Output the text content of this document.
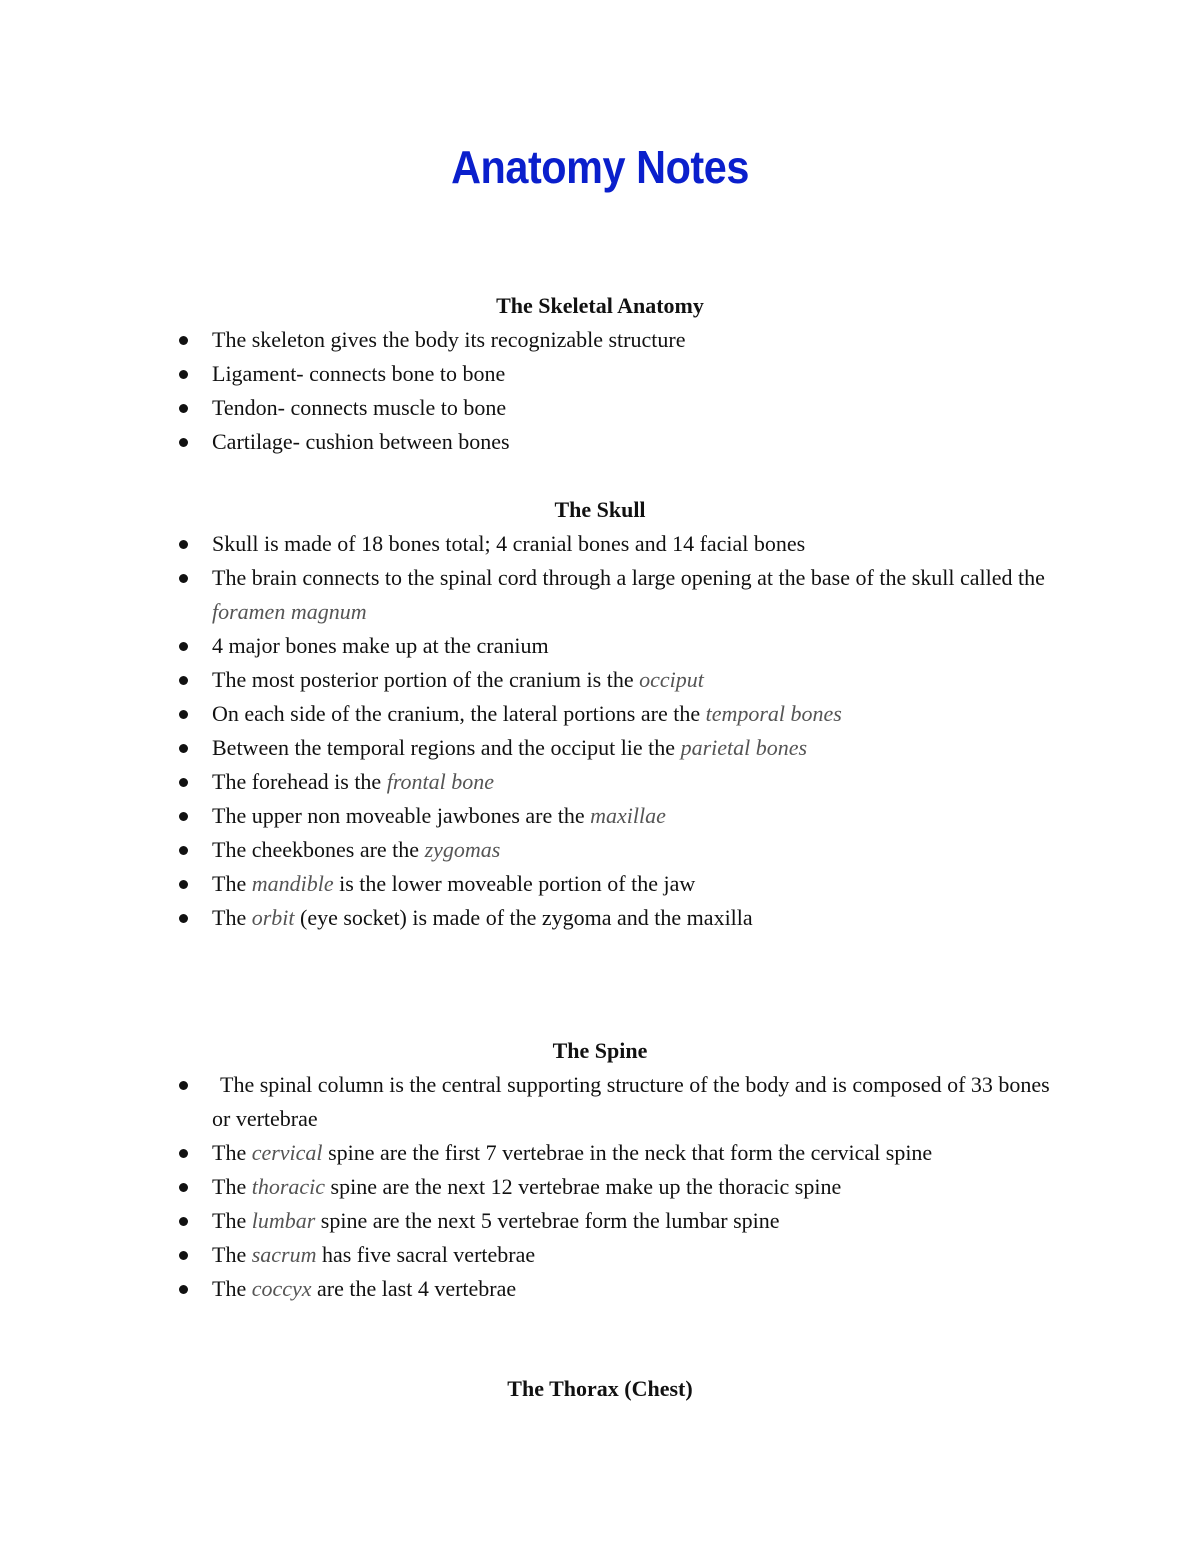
Anatomy Notes
The Skeletal Anatomy
The skeleton gives the body its recognizable structure
Ligament- connects bone to bone
Tendon- connects muscle to bone
Cartilage- cushion between bones
The Skull
Skull is made of 18 bones total; 4 cranial bones and 14 facial bones
The brain connects to the spinal cord through a large opening at the base of the skull called the foramen magnum
4 major bones make up at the cranium
The most posterior portion of the cranium is the occiput
On each side of the cranium, the lateral portions are the temporal bones
Between the temporal regions and the occiput lie the parietal bones
The forehead is the frontal bone
The upper non moveable jawbones are the maxillae
The cheekbones are the zygomas
The mandible is the lower moveable portion of the jaw
The orbit (eye socket) is made of the zygoma and the maxilla
The Spine
The spinal column is the central supporting structure of the body and is composed of 33 bones or vertebrae
The cervical spine are the first 7 vertebrae in the neck that form the cervical spine
The thoracic spine are the next 12 vertebrae make up the thoracic spine
The lumbar spine are the next 5 vertebrae form the lumbar spine
The sacrum has five sacral vertebrae
The coccyx are the last 4 vertebrae
The Thorax (Chest)
